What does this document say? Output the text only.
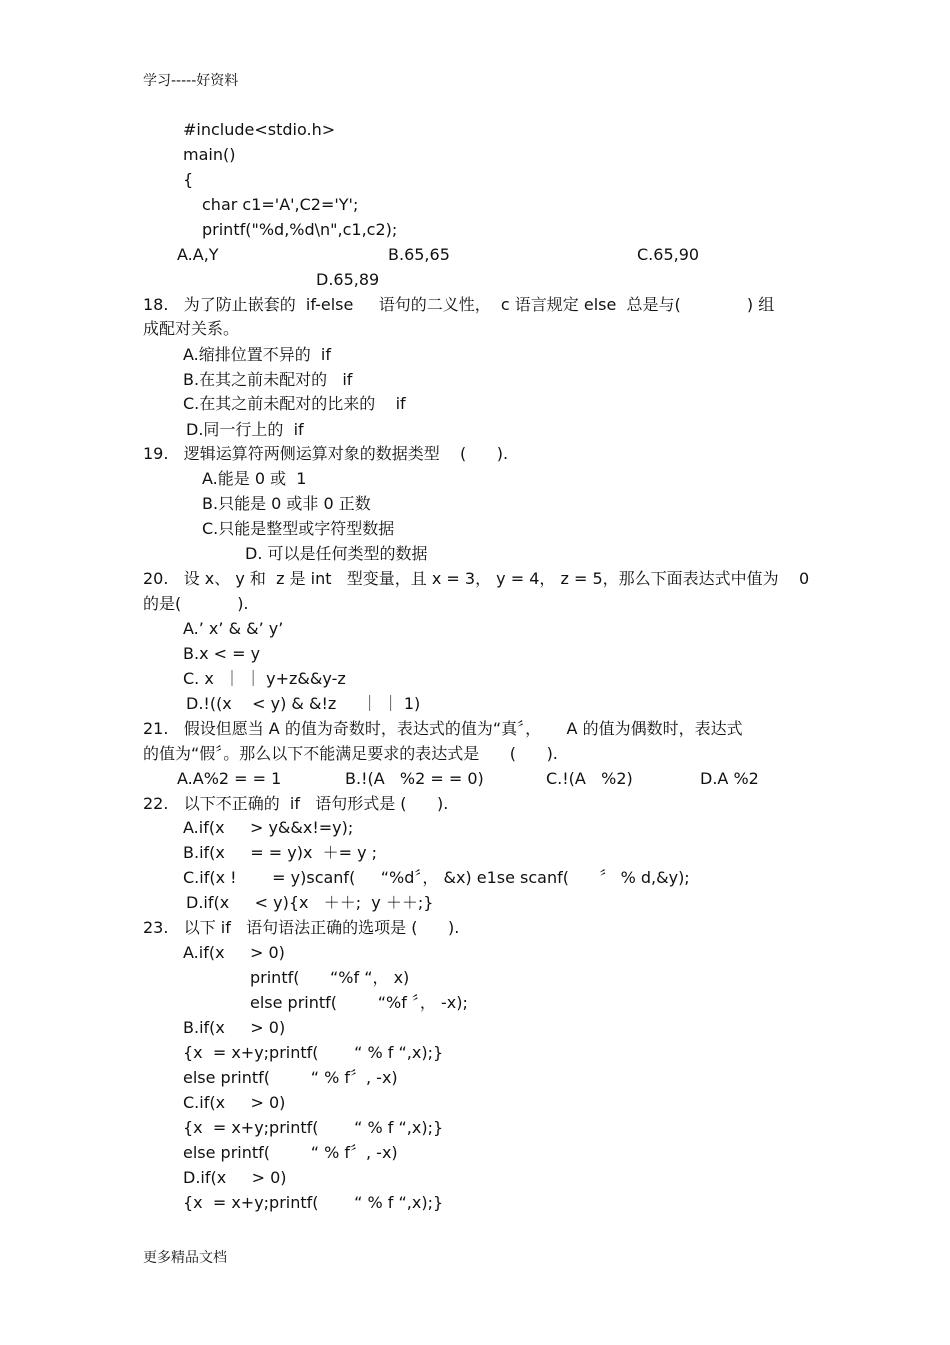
学习-----好资料
#include<stdio.h>
main()
{
char c1='A',C2='Y';
printf("%d,%d\n",c1,c2);
A.A,Y	B.65,65	C.65,90
D.65,89
18.   为了防止嵌套的  if-else     语句的二义性，  c 语言规定 else  总是与(             ) 组
成配对关系。
A.缩排位置不异的  if
B.在其之前未配对的   if
C.在其之前未配对的比来的    if
D.同一行上的  if
19.   逻辑运算符两侧运算对象的数据类型    (      ).
A.能是 0 或  1
B.只能是 0 或非 0 正数
C.只能是整型或字符型数据
D. 可以是任何类型的数据
20.   设 x、 y 和  z 是 int   型变量，且 x = 3， y = 4， z = 5，那么下面表达式中值为    0
的是(           ).
A.’ x’ & &’ y’
B.x < = y
C. x  ｜ ｜ y+z&&y-z
D.!((x    < y) & &!z     ｜ ｜ 1)
21.   假设但愿当 A 的值为奇数时，表达式的值为“真〞，     A 的值为偶数时，表达式
的值为“假〞。那么以下不能满足要求的表达式是      (      ).
A.A%2 = = 1	B.!(A   %2 = = 0)	C.!(A   %2)	D.A %2
22.   以下不正确的  if   语句形式是 (      ).
A.if(x     > y&&x!=y);
B.if(x     = = y)x  ＋= y ;
C.if(x !       = y)scanf(     “%d〞， &x) e1se scanf(      〞 % d,&y);
D.if(x     < y){x   ＋＋;  y ＋＋;}
23.   以下 if   语句语法正确的选项是 (      ).
A.if(x     > 0)
printf(      “%f “， x)
else printf(        “%f 〞， -x);
B.if(x     > 0)
{x  = x+y;printf(       “ % f “,x);}
else printf(        “ % f〞, -x)
C.if(x     > 0)
{x  = x+y;printf(       “ % f “,x);}
else printf(        “ % f〞, -x)
D.if(x     > 0)
{x  = x+y;printf(       “ % f “,x);}
更多精品文档
